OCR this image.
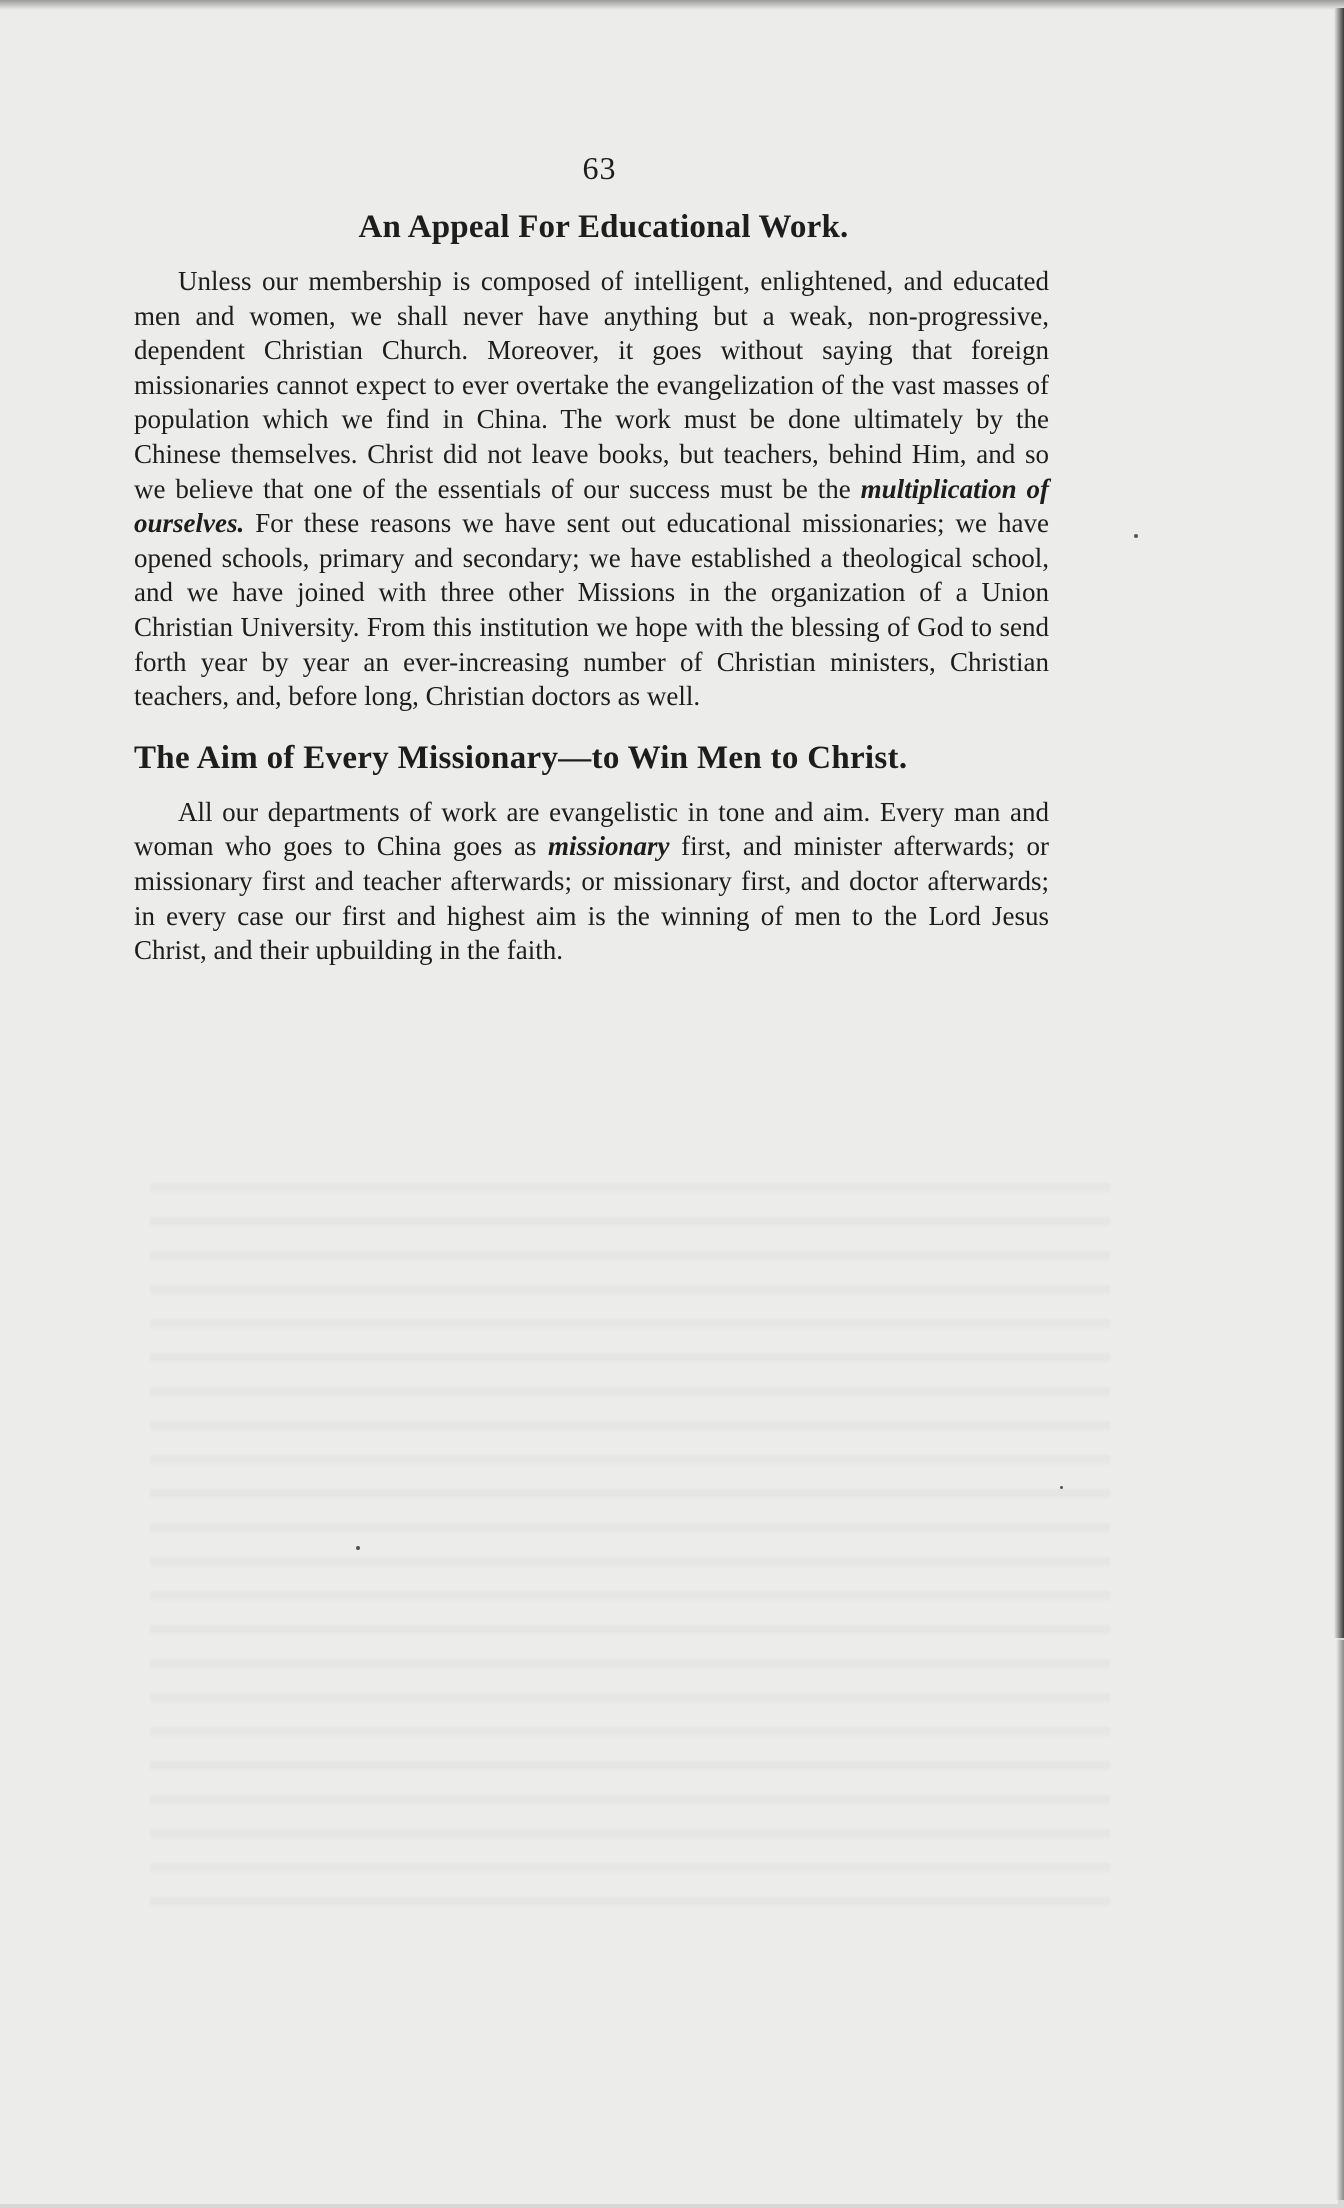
63
An Appeal For Educational Work.

Unless our membership is composed of intelligent, enlightened, and educated men and women, we shall never have anything but a weak, non-progressive, dependent Christian Church. Moreover, it goes without saying that foreign missionaries cannot expect to ever overtake the evangelization of the vast masses of population which we find in China. The work must be done ultimately by the Chinese themselves. Christ did not leave books, but teachers, behind Him, and so we believe that one of the essentials of our success must be the multiplication of ourselves. For these reasons we have sent out educational missionaries; we have opened schools, primary and secondary; we have established a theological school, and we have joined with three other Missions in the organization of a Union Christian University. From this institution we hope with the blessing of God to send forth year by year an ever-increasing number of Christian ministers, Christian teachers, and, before long, Christian doctors as well.

The Aim of Every Missionary—to Win Men to Christ.

All our departments of work are evangelistic in tone and aim. Every man and woman who goes to China goes as missionary first, and minister afterwards; or missionary first and teacher afterwards; or missionary first, and doctor afterwards; in every case our first and highest aim is the winning of men to the Lord Jesus Christ, and their upbuilding in the faith.
